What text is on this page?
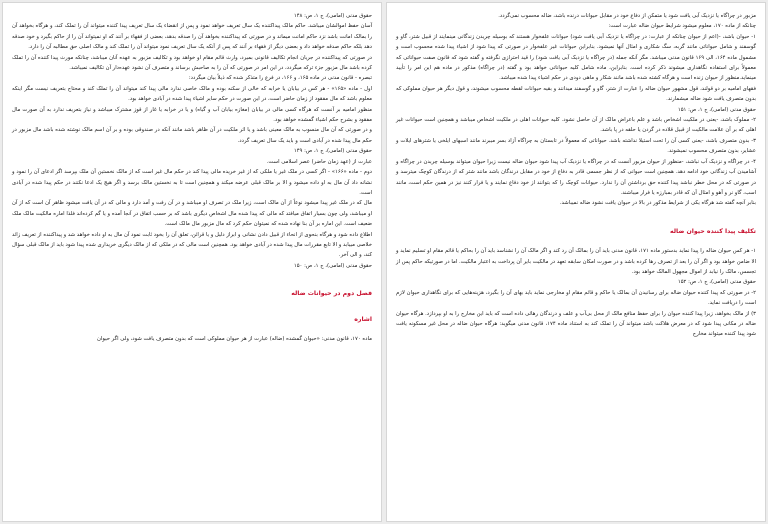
حقوق مدنی (امامی)، ج ۱، ص: ۱۴۸

آسان حفظ اموالشان میباشد. حاکم مالک پیداکننده یک سال تعریف خواهد نمود و پس از انقضاء یک سال تعریف پیدا کننده میتواند آن را تملک کند، و هرگاه بخواهد آن را بمالک امانت باشد نزد حاکم امانت میماند و در صورتی که پیداکننده بخواهد آن را صدقه بدهد، بعضی از فقهاء بر آنند که او نمیتواند آن را از حاکم بگیرد و خود صدقه دهد بلکه حاکم صدقه خواهد داد و بعضی دیگر از فقهاء بر آنند که پس از آنکه یک سال تعریف نمود میتواند آن را تملک کند و مالک اصلی حق مطالبه آن را دارد.

در صورتی که پیداکننده در جریان انجام تکالیف قانونی بمیرد، وارث قائم مقام او خواهد بود و تکالیف مزبور به عهده آنان میباشد، چنانکه مورث پیدا کننده آن را تملک کرده باشد مال مزبور جزء ترکه میگردد، در این امر در صورتی که آن را به صاحبش برساند و متصرف آن نشود عهده‌دار آن تکالیف نمیباشد.

تبصره - قانون مدنی در ماده ۱۶۵، و ۱۶۶، در فرع را متذکر شده که ذیلاً بیان میگردد:

اول - ماده «۱۶۵» - هر کس در بیابان یا خرابه که خالی از سکنه بوده و مالک خاصی ندارد مالی پیدا کند میتواند آن را تملک کند و محتاج بتعریف نیست مگر اینکه معلوم باشد که مال مفقود از زمان حاضر است، در این صورت در حکم سایر اشیاء پیدا شده در آبادی خواهد بود.

منظور امامیه بر آنست که هرگاه کسی مالی در بیابان (مغازه بیابان آب و گیاه) و یا در خرابه یا غار از قوز مشترک میباشد و نیاز بتعریف ندارد به آن صورت مال مفقود و بشرح حکم اشیاء گمشده خواهد بود.

و در صورتی که آن مال منسوب به مالک معینی باشد و یا اثر ملکیت در آن ظاهر باشد مانند آنکه در صندوقی بوده و بر آن اسم مالک نوشته شده باشد مال مزبور در حکم مال پیدا شده در آبادی است و باید یک سال تعریف گردد.

حقوق مدنی (امامی)، ج ۱، ص: ۱۴۹

عبارت از (عهد زمان حاضر) عصر اسلامی است.

دوم - ماده «۱۶۶» - اگر کسی در ملک غیر یا ملکی که از غیر خریده مالی پیدا کند در حکم مال غیر است که از مالک نخستین آن ملک بپرسد اگر ادعای آن را نمود و نشانه داد آن مال به او داده میشود و الا بر مالک قبلی عرضه میکند و همچنین است تا به نخستین مالک برسد و اگر هیچ یک ادعا نکنند در حکم پیدا شده در آبادی است.

مال که در ملک غیر پیدا میشود نوعاً از آن مالک است، زیرا ملک در تصرف او میباشد و در آن رفت و آمد دارد و مالی که در آن یافت میشود ظاهر آن است که از آن او میباشد، ولی چون بسیار اتفاق میافتد که مالی که پیدا شده مال اشخاص دیگری باشد که بر حسب اتفاق در آنجا آمده و یا گم کرده‌اند فلذا اماره مالکیت مالک ملک ضعیف است. این اماره بر آن بنا نهاده شده که نمیتوان حکم کرد که مال مزبور مال مالک است.

اطلاع داده شود و هرگاه بنحوی از انحاء از قبیل دادن نشانی و ابراز دلیل و یا قرائن، تعلق آن را بخود ثابت نمود آن مال به او داده خواهد شد و پیداکننده از تعریف زائد خلاصی مییابد و الا تابع مقررات مال پیدا شده در آبادی خواهد بود. همچنین است مالی که در ملکی که از مالک دیگری خریداری شده پیدا شود باید از مالک قبلی سؤال کند، و الی آخر.

حقوق مدنی (امامی)، ج ۱، ص: ۱۵۰

فصل دوم در حیوانات ضاله
اشاره

ماده ۱۷۰، قانون مدنی: «حیوان گمشده (ضاله) عبارت از هر حیوان مملوکی است که بدون متصرف یافت شود، ولی اگر حیوان

مزبور در چراگاه یا نزدیک آبی یافت شود یا متمکن از دفاع خود در مقابل حیوانات درنده باشد، ضاله محسوب نمی‌گردد.

چنانکه از ماده ۱۷۰، معلوم میشود شرایط حیوان ضاله عبارت است:

۱- حیوان باشد، -(اعم از حیوان چنانکه از عبارت: در چراگاه یا نزدیک آبی یافت شود) حیوانات علفخوار هستند که بوسیله چریدن زندگانی مینمایند از قبیل شتر، گاو و گوسفند و شامل حیواناتی مانند گربه، سگ شکاری و امثال آنها نمیشود. بنابراین حیوانات غیر علفخوار در صورتی که پیدا شود از اشیاء پیدا شده محسوب است و مشمول ماده ۱۶۴، الی ۱۶۹ قانون مدنی میباشد. مگر آنکه جمله (در چراگاه یا نزدیک آبی یافت شود) را قید احترازی نگرفته و گفته شود که قانون صفت حیواناتی که معمولاً برای استفاده نگاهداری میشوند ذکر کرده است. بنابراین، ماده شامل کلیه حیواناتی خواهد بود و گفته (در چراگاه) مذکور در ماده هم این امر را تأیید مینماید.منظور از حیوان زنده است و هرگاه کشته شده باشد مانند شکار و ماهی دودی در حکم اشیاء پیدا شده میباشد.

فقهای امامیه بر دو قولند، قول مشهور حیوان ضاله را عبارت از شتر، گاو و گوسفند میدانند و بقیه حیوانات لقطه محسوب میشوند، و قول دیگر هر حیوان مملوکی که بدون متصرف یافت شود ضاله میشمارند.

حقوق مدنی (امامی)، ج ۱، ص: ۱۵۱

۲- مملوک باشد، -یعنی در ملکیت اشخاص باشد و علم باعراض مالک از آن حاصل نشود. کلیه حیوانات اهلی در ملکیت اشخاص میباشد و همچنین است حیوانات غیر اهلی که بر آن علامت مالکیت از قبیل قلاده در گردن یا حلقه در پا باشد.

۳- بدون متصرف باشد، -یعنی کسی آن را تحت استیلا نداشته باشد. حیواناتی که معمولاً در تابستان به چراگاه آزاد بسر میبرند مانند اسبهای ایلخی یا شترهای ایلات و عشایر، بدون متصرف محسوب نمیشوند.

۴- در چراگاه و نزدیک آب نباشد، -منظور از حیوان مزبور آنست که در چراگاه یا نزدیک آب پیدا شود حیوان ضاله نیست زیرا حیوان میتواند بوسیله چریدن در چراگاه و آشامیدن آب زندگانی خود ادامه دهد. همچنین است حیوانی که از نظر جسمی قادر به دفاع از خود در مقابل درندگان باشد مانند شتر که از درندگان کوچک میترسد و در صورتی که در محل خطر نباشد پیدا کننده حق برداشتن آن را ندارد. حیوانات کوچک را که بتوانند از خود دفاع نمایند و یا فرار کنند نیز در همین حکم است، مانند اسب، گاو نر و آهو و امثال آن که قادر بمبارزه یا فرار میباشند.

بنابر آنچه گفته شد هرگاه یکی از شرایط مذکور در بالا در حیوان یافت نشود ضاله نمیباشد.

تکلیف پیدا کننده حیوان ضاله

۱- هر کس حیوان ضاله را پیدا نماید بدستور ماده ۱۷۱، قانون مدنی باید آن را بمالک آن رد کند و اگر مالک آن را نشناسد باید آن را بحاکم یا قائم مقام او تسلیم نماید و الا ضامن خواهد بود و اگر آن را بعد از تصرف رها کرده باشد و در صورت امکان سابقه تعهد در مالکیت بایر آن پرداخت به اعتبار مالکیت. اما در صورتیکه حاکم پس از تجسس، مالک را نیابد از اموال مجهول المالک خواهد بود.

حقوق مدنی (امامی)، ج ۱، ص: ۱۵۲

۲- در صورتی که پیدا کننده حیوان ضاله برای رسانیدن آن بمالک یا حاکم و قائم مقام او مخارجی نماید باید بهای آن را بگیرد، هزینه‌هایی که برای نگاهداری حیوان لازم است را دریافت نماید.

۳) از مالک بخواهد، زیرا پیدا کننده حیوان را برای حفظ منافع مالک از محل بی‌آب و علف و درندگان رهائی داده است که باید این مخارج را به او بپردازد. هرگاه حیوان ضاله در مکانی پیدا شود که در معرض هلاکت باشد میتواند آن را تملک کند به استناد ماده ۱۷۴، قانون مدنی میگوید: هرگاه حیوان ضاله در محل غیر مسکونه یافت شود پیدا کننده میتواند مخارج
